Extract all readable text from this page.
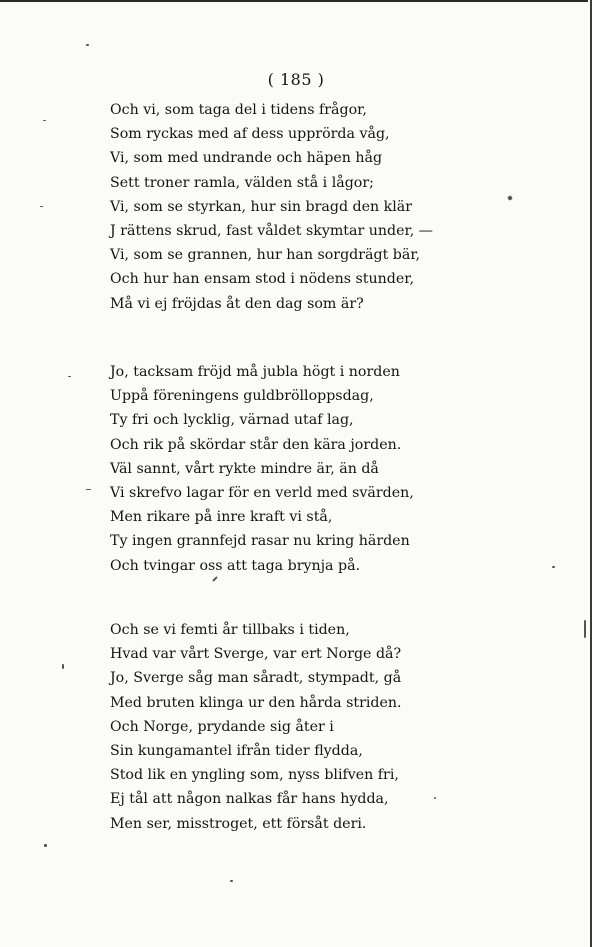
( 185 )
Och vi, som taga del i tidens frågor,
Som ryckas med af dess upprörda våg,
Vi, som med undrande och häpen håg
Sett troner ramla, välden stå i lågor;
Vi, som se styrkan, hur sin bragd den klär
J rättens skrud, fast våldet skymtar under, —
Vi, som se grannen, hur han sorgdrägt bär,
Och hur han ensam stod i nödens stunder,
Må vi ej fröjdas åt den dag som är?
Jo, tacksam fröjd må jubla högt i norden
Uppå föreningens guldbrölloppsdag,
Ty fri och lycklig, värnad utaf lag,
Och rik på skördar står den kära jorden.
Väl sannt, vårt rykte mindre är, än då
Vi skrefvo lagar för en verld med svärden,
Men rikare på inre kraft vi stå,
Ty ingen grannfejd rasar nu kring härden
Och tvingar oss att taga brynja på.
Och se vi femti år tillbaks i tiden,
Hvad var vårt Sverge, var ert Norge då?
Jo, Sverge såg man såradt, stympadt, gå
Med bruten klinga ur den hårda striden.
Och Norge, prydande sig åter i
Sin kungamantel ifrån tider flydda,
Stod lik en yngling som, nyss blifven fri,
Ej tål att någon nalkas får hans hydda,
Men ser, misstroget, ett försåt deri.
